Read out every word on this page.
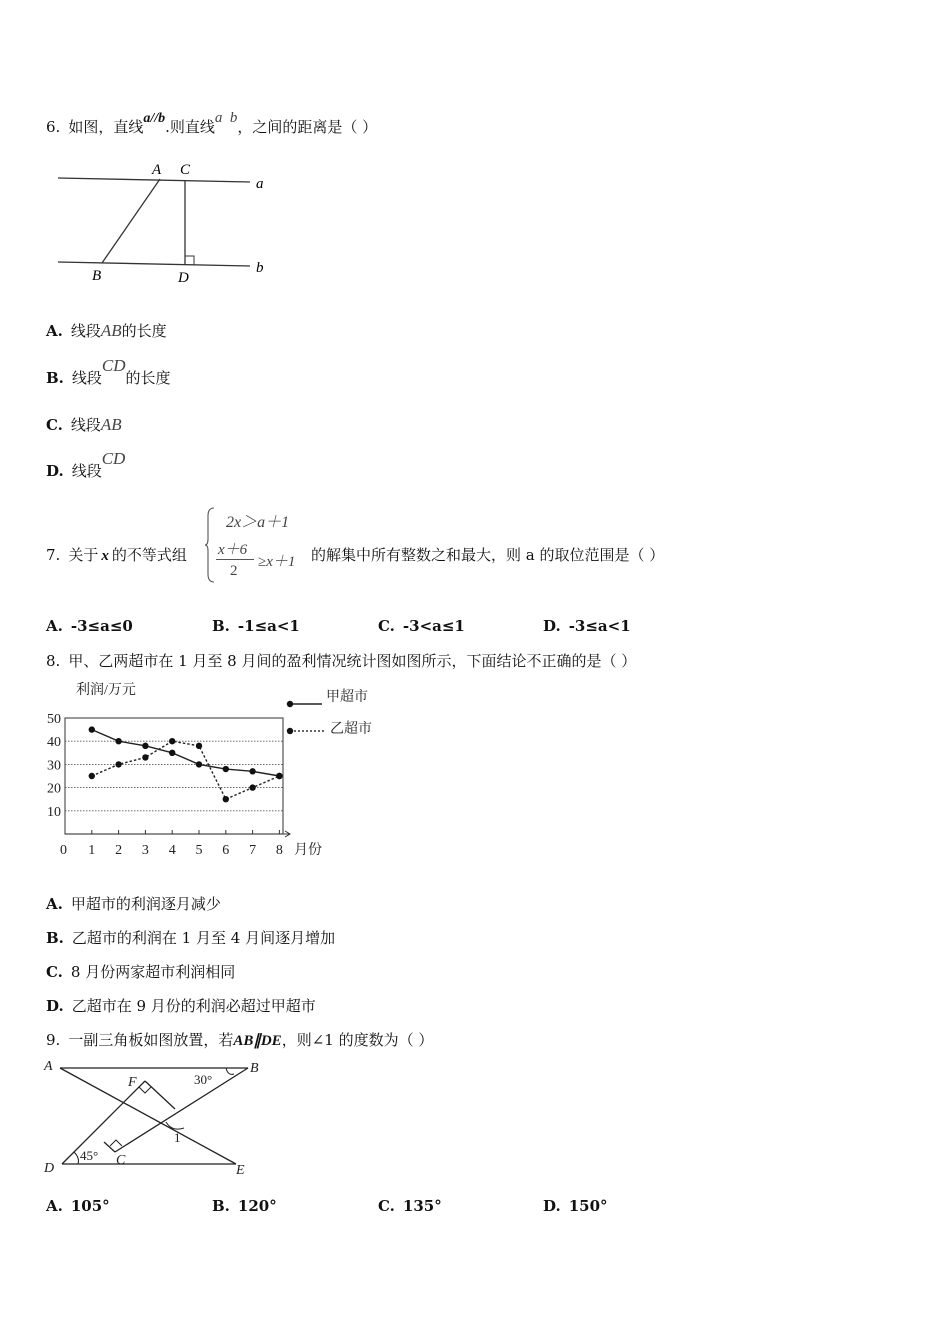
6. 如图，直线a//b.则直线a  b，之间的距离是（ ）
A C
a
B	D
b
A. 线段AB的长度
B. 线段CD的长度
C. 线段AB
D. 线段CD
7. 关于 x 的不等式组
2x＞a＋1
x＋6
2
≥x＋1 的解集中所有整数之和最大，则 a 的取位范围是（ ）
A. -3≤a≤0	B. -1≤a<1	C. -3<a≤1	D. -3≤a<1
8. 甲、乙两超市在 1 月至 8 月间的盈利情况统计图如图所示，下面结论不正确的是（ ）
利润/万元
月份
0
甲超市
乙超市
10
20
30
40
50
1 2 3 4 5 6 7 8
A. 甲超市的利润逐月减少
B. 乙超市的利润在 1 月至 4 月间逐月增加
C. 8 月份两家超市利润相同
D. 乙超市在 9 月份的利润必超过甲超市
9. 一副三角板如图放置，若AB∥DE，则∠1 的度数为（ ）
A	B
F
C
D	E
30°
45°
1
A. 105°	B. 120°	C. 135°	D. 150°
